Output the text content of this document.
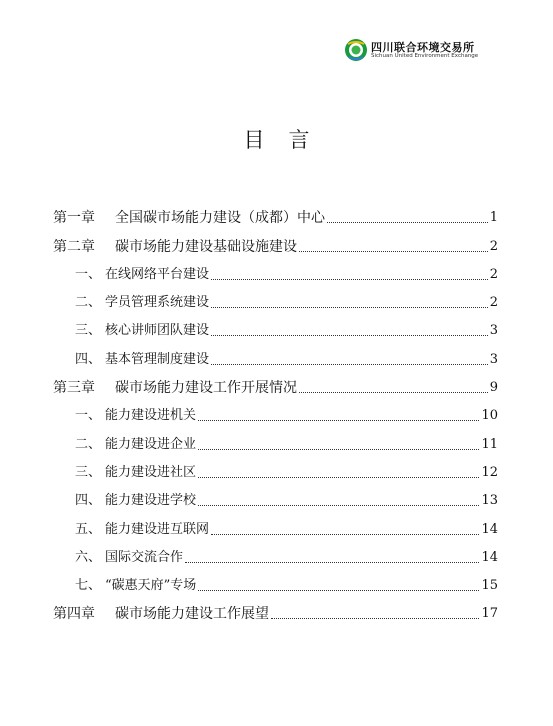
四川联合环境交易所
Sichuan United Environment Exchange
目言
第一章 全国碳市场能力建设（成都）中心	1
第二章 碳市场能力建设基础设施建设	2
一、 在线网络平台建设	2
二、 学员管理系统建设	2
三、 核心讲师团队建设	3
四、 基本管理制度建设	3
第三章 碳市场能力建设工作开展情况	9
一、 能力建设进机关	10
二、 能力建设进企业	11
三、 能力建设进社区	12
四、 能力建设进学校	13
五、 能力建设进互联网	14
六、 国际交流合作	14
七、 “碳惠天府”专场	15
第四章 碳市场能力建设工作展望	17
